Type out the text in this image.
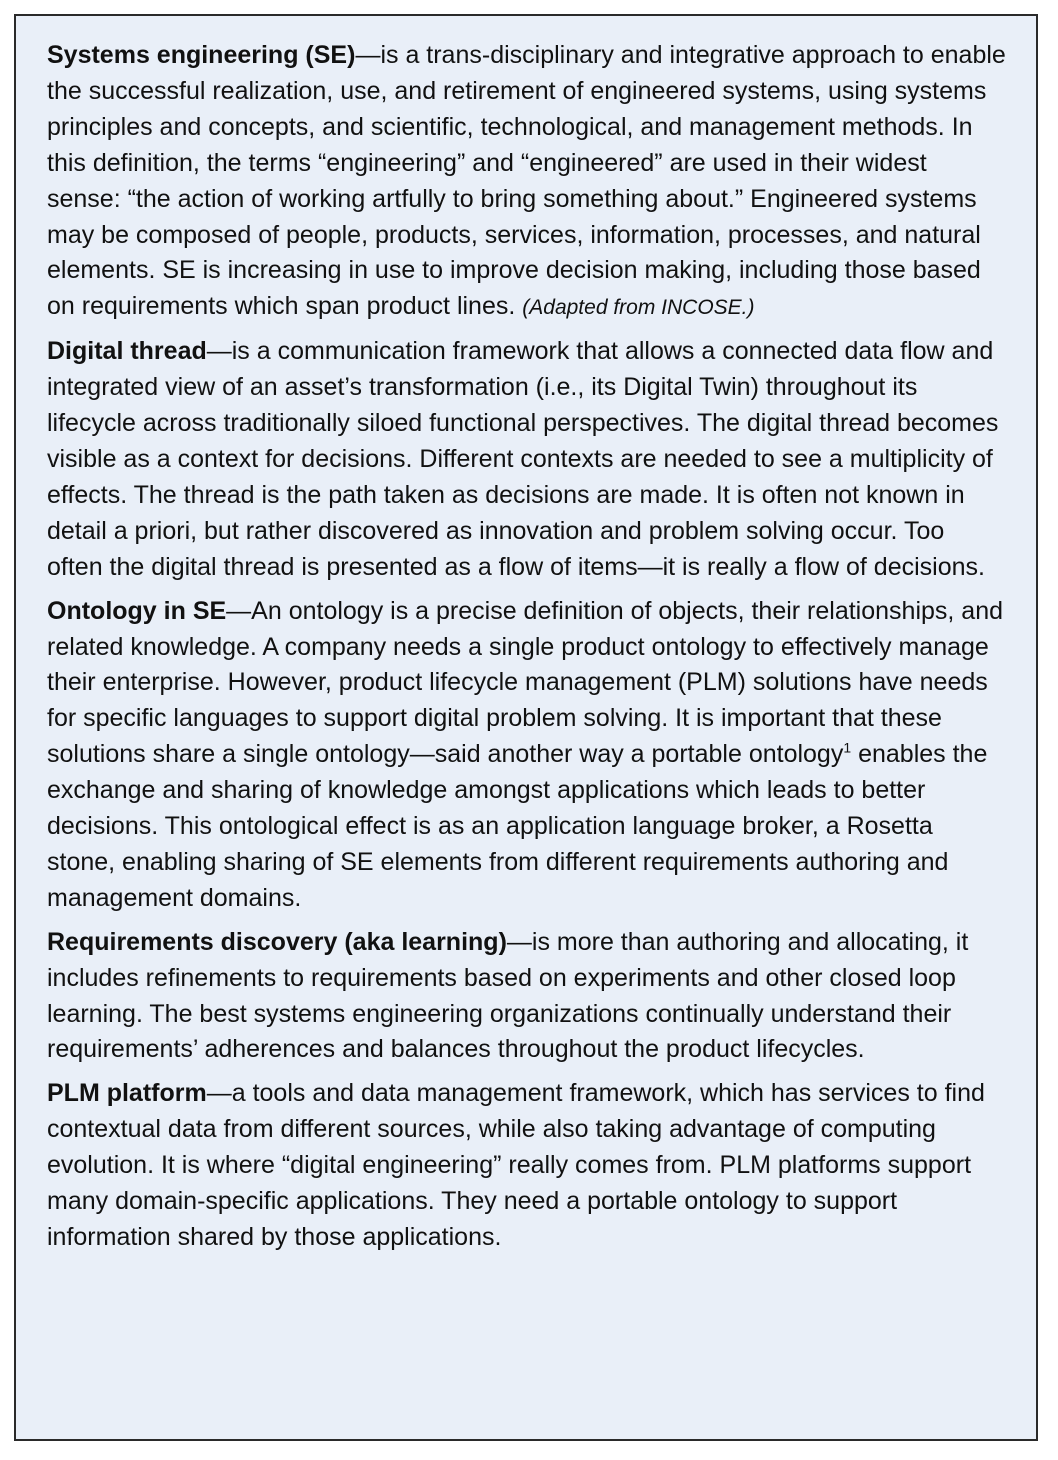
Systems engineering (SE)—is a trans-disciplinary and integrative approach to enable the successful realization, use, and retirement of engineered systems, using systems principles and concepts, and scientific, technological, and management methods. In this definition, the terms “engineering” and “engineered” are used in their widest sense: “the action of working artfully to bring something about.” Engineered systems may be composed of people, products, services, information, processes, and natural elements. SE is increasing in use to improve decision making, including those based on requirements which span product lines. (Adapted from INCOSE.)

Digital thread—is a communication framework that allows a connected data flow and integrated view of an asset’s transformation (i.e., its Digital Twin) throughout its lifecycle across traditionally siloed functional perspectives. The digital thread becomes visible as a context for decisions. Different contexts are needed to see a multiplicity of effects. The thread is the path taken as decisions are made. It is often not known in detail a priori, but rather discovered as innovation and problem solving occur. Too often the digital thread is presented as a flow of items—it is really a flow of decisions.

Ontology in SE—An ontology is a precise definition of objects, their relationships, and related knowledge. A company needs a single product ontology to effectively manage their enterprise. However, product lifecycle management (PLM) solutions have needs for specific languages to support digital problem solving. It is important that these solutions share a single ontology—said another way a portable ontology$^1$ enables the exchange and sharing of knowledge amongst applications which leads to better decisions. This ontological effect is as an application language broker, a Rosetta stone, enabling sharing of SE elements from different requirements authoring and management domains.

Requirements discovery (aka learning)—is more than authoring and allocating, it includes refinements to requirements based on experiments and other closed loop learning. The best systems engineering organizations continually understand their requirements’ adherences and balances throughout the product lifecycles.

PLM platform—a tools and data management framework, which has services to find contextual data from different sources, while also taking advantage of computing evolution. It is where “digital engineering” really comes from. PLM platforms support many domain-specific applications. They need a portable ontology to support information shared by those applications.
